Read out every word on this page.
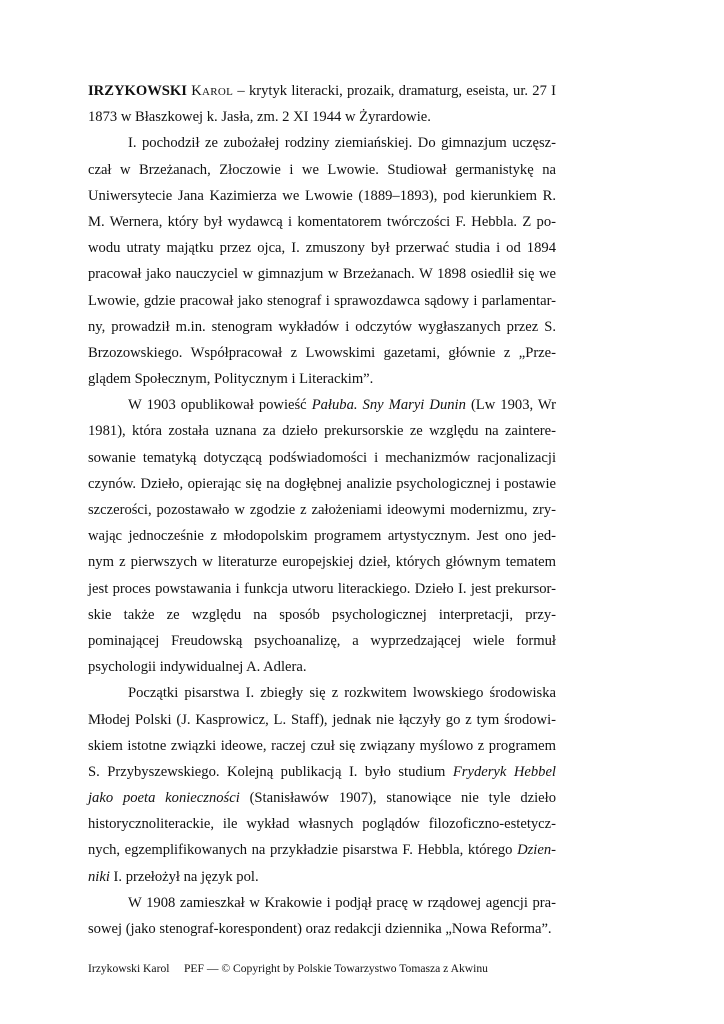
IRZYKOWSKI KAROL – krytyk literacki, prozaik, dramaturg, eseista, ur. 27 I
1873 w Błaszkowej k. Jasła, zm. 2 XI 1944 w Żyrardowie.
I. pochodził ze zubożałej rodziny ziemiańskiej. Do gimnazjum uczęsz-
czał w Brzeżanach, Złoczowie i we Lwowie. Studiował germanistykę na
Uniwersytecie Jana Kazimierza we Lwowie (1889–1893), pod kierunkiem R.
M. Wernera, który był wydawcą i komentatorem twórczości F. Hebbla. Z po-
wodu utraty majątku przez ojca, I. zmuszony był przerwać studia i od 1894
pracował jako nauczyciel w gimnazjum w Brzeżanach. W 1898 osiedlił się we
Lwowie, gdzie pracował jako stenograf i sprawozdawca sądowy i parlamentar-
ny, prowadził m.in. stenogram wykładów i odczytów wygłaszanych przez S.
Brzozowskiego. Współpracował z Lwowskimi gazetami, głównie z „Prze-
glądem Społecznym, Politycznym i Literackim”.
W 1903 opublikował powieść Pałuba. Sny Maryi Dunin (Lw 1903, Wr
1981), która została uznana za dzieło prekursorskie ze względu na zaintere-
sowanie tematyką dotyczącą podświadomości i mechanizmów racjonalizacji
czynów. Dzieło, opierając się na dogłębnej analizie psychologicznej i postawie
szczerości, pozostawało w zgodzie z założeniami ideowymi modernizmu, zry-
wając jednocześnie z młodopolskim programem artystycznym. Jest ono jed-
nym z pierwszych w literaturze europejskiej dzieł, których głównym tematem
jest proces powstawania i funkcja utworu literackiego. Dzieło I. jest prekursor-
skie także ze względu na sposób psychologicznej interpretacji, przy-
pominającej Freudowską psychoanalizę, a wyprzedzającej wiele formuł
psychologii indywidualnej A. Adlera.
Początki pisarstwa I. zbiegły się z rozkwitem lwowskiego środowiska
Młodej Polski (J. Kasprowicz, L. Staff), jednak nie łączyły go z tym środowi-
skiem istotne związki ideowe, raczej czuł się związany myślowo z programem
S. Przybyszewskiego. Kolejną publikacją I. było studium Fryderyk Hebbel
jako poeta konieczności (Stanisławów 1907), stanowiące nie tyle dzieło
historycznoliterackie, ile wykład własnych poglądów filozoficzno-estetycz-
nych, egzemplifikowanych na przykładzie pisarstwa F. Hebbla, którego Dzien-
niki I. przełożył na język pol.
W 1908 zamieszkał w Krakowie i podjął pracę w rządowej agencji pra-
sowej (jako stenograf-korespondent) oraz redakcji dziennika „Nowa Reforma”.
Irzykowski Karol     PEF — © Copyright by Polskie Towarzystwo Tomasza z Akwinu
